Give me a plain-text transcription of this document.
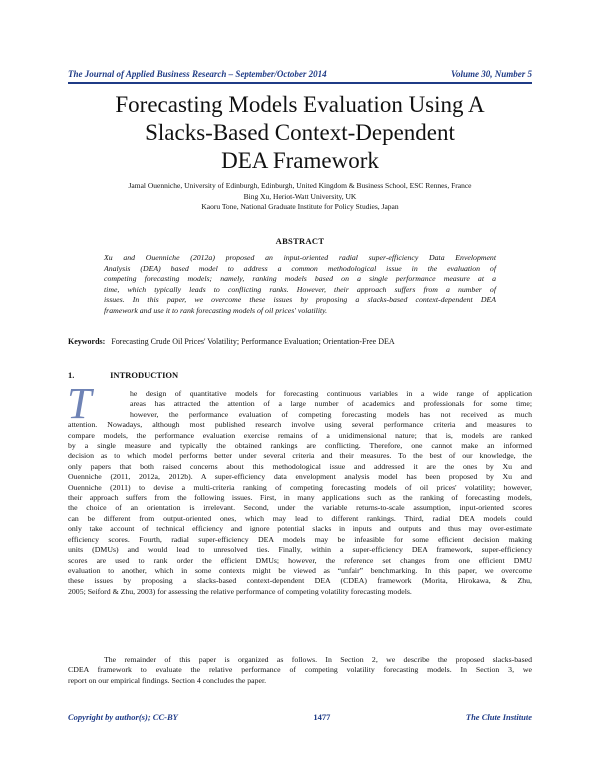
The Journal of Applied Business Research – September/October 2014	Volume 30, Number 5
Forecasting Models Evaluation Using A
Slacks-Based Context-Dependent
DEA Framework
Jamal Ouenniche, University of Edinburgh, Edinburgh, United Kingdom & Business School, ESC Rennes, France
Bing Xu, Heriot-Watt University, UK
Kaoru Tone, National Graduate Institute for Policy Studies, Japan
ABSTRACT
Xu and Ouenniche (2012a) proposed an input-oriented radial super-efficiency Data Envelopment
Analysis (DEA) based model to address a common methodological issue in the evaluation of
competing forecasting models; namely, ranking models based on a single performance measure at a
time, which typically leads to conflicting ranks. However, their approach suffers from a number of
issues. In this paper, we overcome these issues by proposing a slacks-based context-dependent DEA
framework and use it to rank forecasting models of oil prices' volatility.
Keywords: Forecasting Crude Oil Prices' Volatility; Performance Evaluation; Orientation-Free DEA
1.	INTRODUCTION
T	he design of quantitative models for forecasting continuous variables in a wide range of application
areas has attracted the attention of a large number of academics and professionals for some time;
however, the performance evaluation of competing forecasting models has not received as much
attention. Nowadays, although most published research involve using several performance criteria and measures to
compare models, the performance evaluation exercise remains of a unidimensional nature; that is, models are ranked
by a single measure and typically the obtained rankings are conflicting. Therefore, one cannot make an informed
decision as to which model performs better under several criteria and their measures. To the best of our knowledge, the
only papers that both raised concerns about this methodological issue and addressed it are the ones by Xu and
Ouenniche (2011, 2012a, 2012b). A super-efficiency data envelopment analysis model has been proposed by Xu and
Ouenniche (2011) to devise a multi-criteria ranking of competing forecasting models of oil prices' volatility; however,
their approach suffers from the following issues. First, in many applications such as the ranking of forecasting models,
the choice of an orientation is irrelevant. Second, under the variable returns-to-scale assumption, input-oriented scores
can be different from output-oriented ones, which may lead to different rankings. Third, radial DEA models could
only take account of technical efficiency and ignore potential slacks in inputs and outputs and thus may over-estimate
efficiency scores. Fourth, radial super-efficiency DEA models may be infeasible for some efficient decision making
units (DMUs) and would lead to unresolved ties. Finally, within a super-efficiency DEA framework, super-efficiency
scores are used to rank order the efficient DMUs; however, the reference set changes from one efficient DMU
evaluation to another, which in some contexts might be viewed as “unfair” benchmarking. In this paper, we overcome
these issues by proposing a slacks-based context-dependent DEA (CDEA) framework (Morita, Hirokawa, & Zhu,
2005; Seiford & Zhu, 2003) for assessing the relative performance of competing volatility forecasting models.
The remainder of this paper is organized as follows. In Section 2, we describe the proposed slacks-based
CDEA framework to evaluate the relative performance of competing volatility forecasting models. In Section 3, we
report on our empirical findings. Section 4 concludes the paper.
Copyright by author(s); CC-BY	1477	The Clute Institute
